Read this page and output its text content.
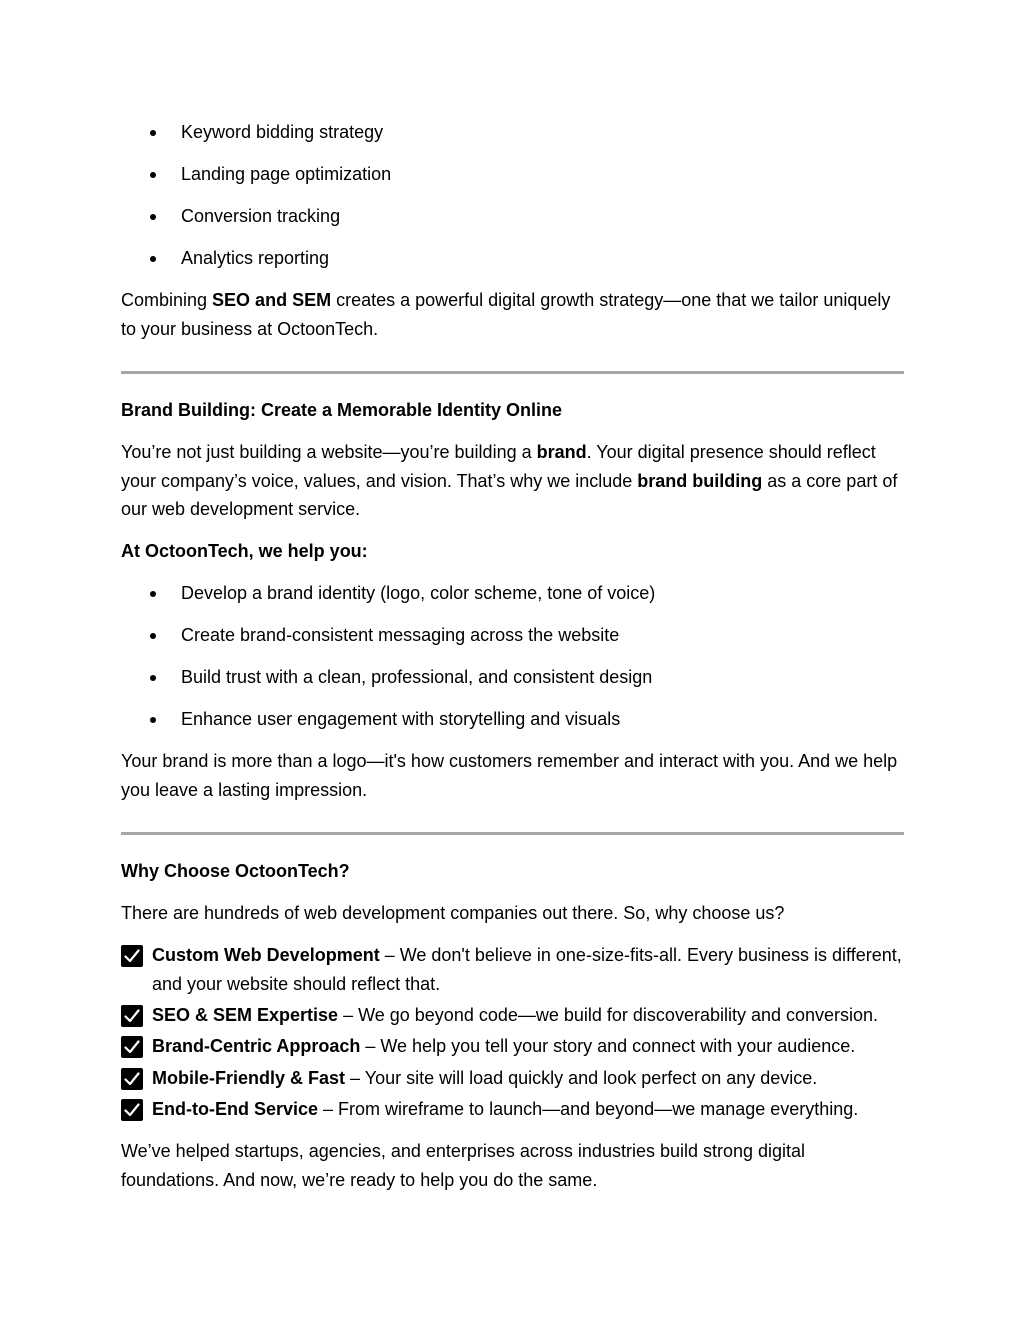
Keyword bidding strategy
Landing page optimization
Conversion tracking
Analytics reporting

Combining SEO and SEM creates a powerful digital growth strategy—one that we tailor uniquely to your business at OctoonTech.

Brand Building: Create a Memorable Identity Online

You’re not just building a website—you’re building a brand. Your digital presence should reflect your company’s voice, values, and vision. That’s why we include brand building as a core part of our web development service.

At OctoonTech, we help you:
Develop a brand identity (logo, color scheme, tone of voice)
Create brand-consistent messaging across the website
Build trust with a clean, professional, and consistent design
Enhance user engagement with storytelling and visuals

Your brand is more than a logo—it's how customers remember and interact with you. And we help you leave a lasting impression.

Why Choose OctoonTech?

There are hundreds of web development companies out there. So, why choose us?

Custom Web Development – We don't believe in one-size-fits-all. Every business is different, and your website should reflect that.
SEO & SEM Expertise – We go beyond code—we build for discoverability and conversion.
Brand-Centric Approach – We help you tell your story and connect with your audience.
Mobile-Friendly & Fast – Your site will load quickly and look perfect on any device.
End-to-End Service – From wireframe to launch—and beyond—we manage everything.

We’ve helped startups, agencies, and enterprises across industries build strong digital foundations. And now, we’re ready to help you do the same.
